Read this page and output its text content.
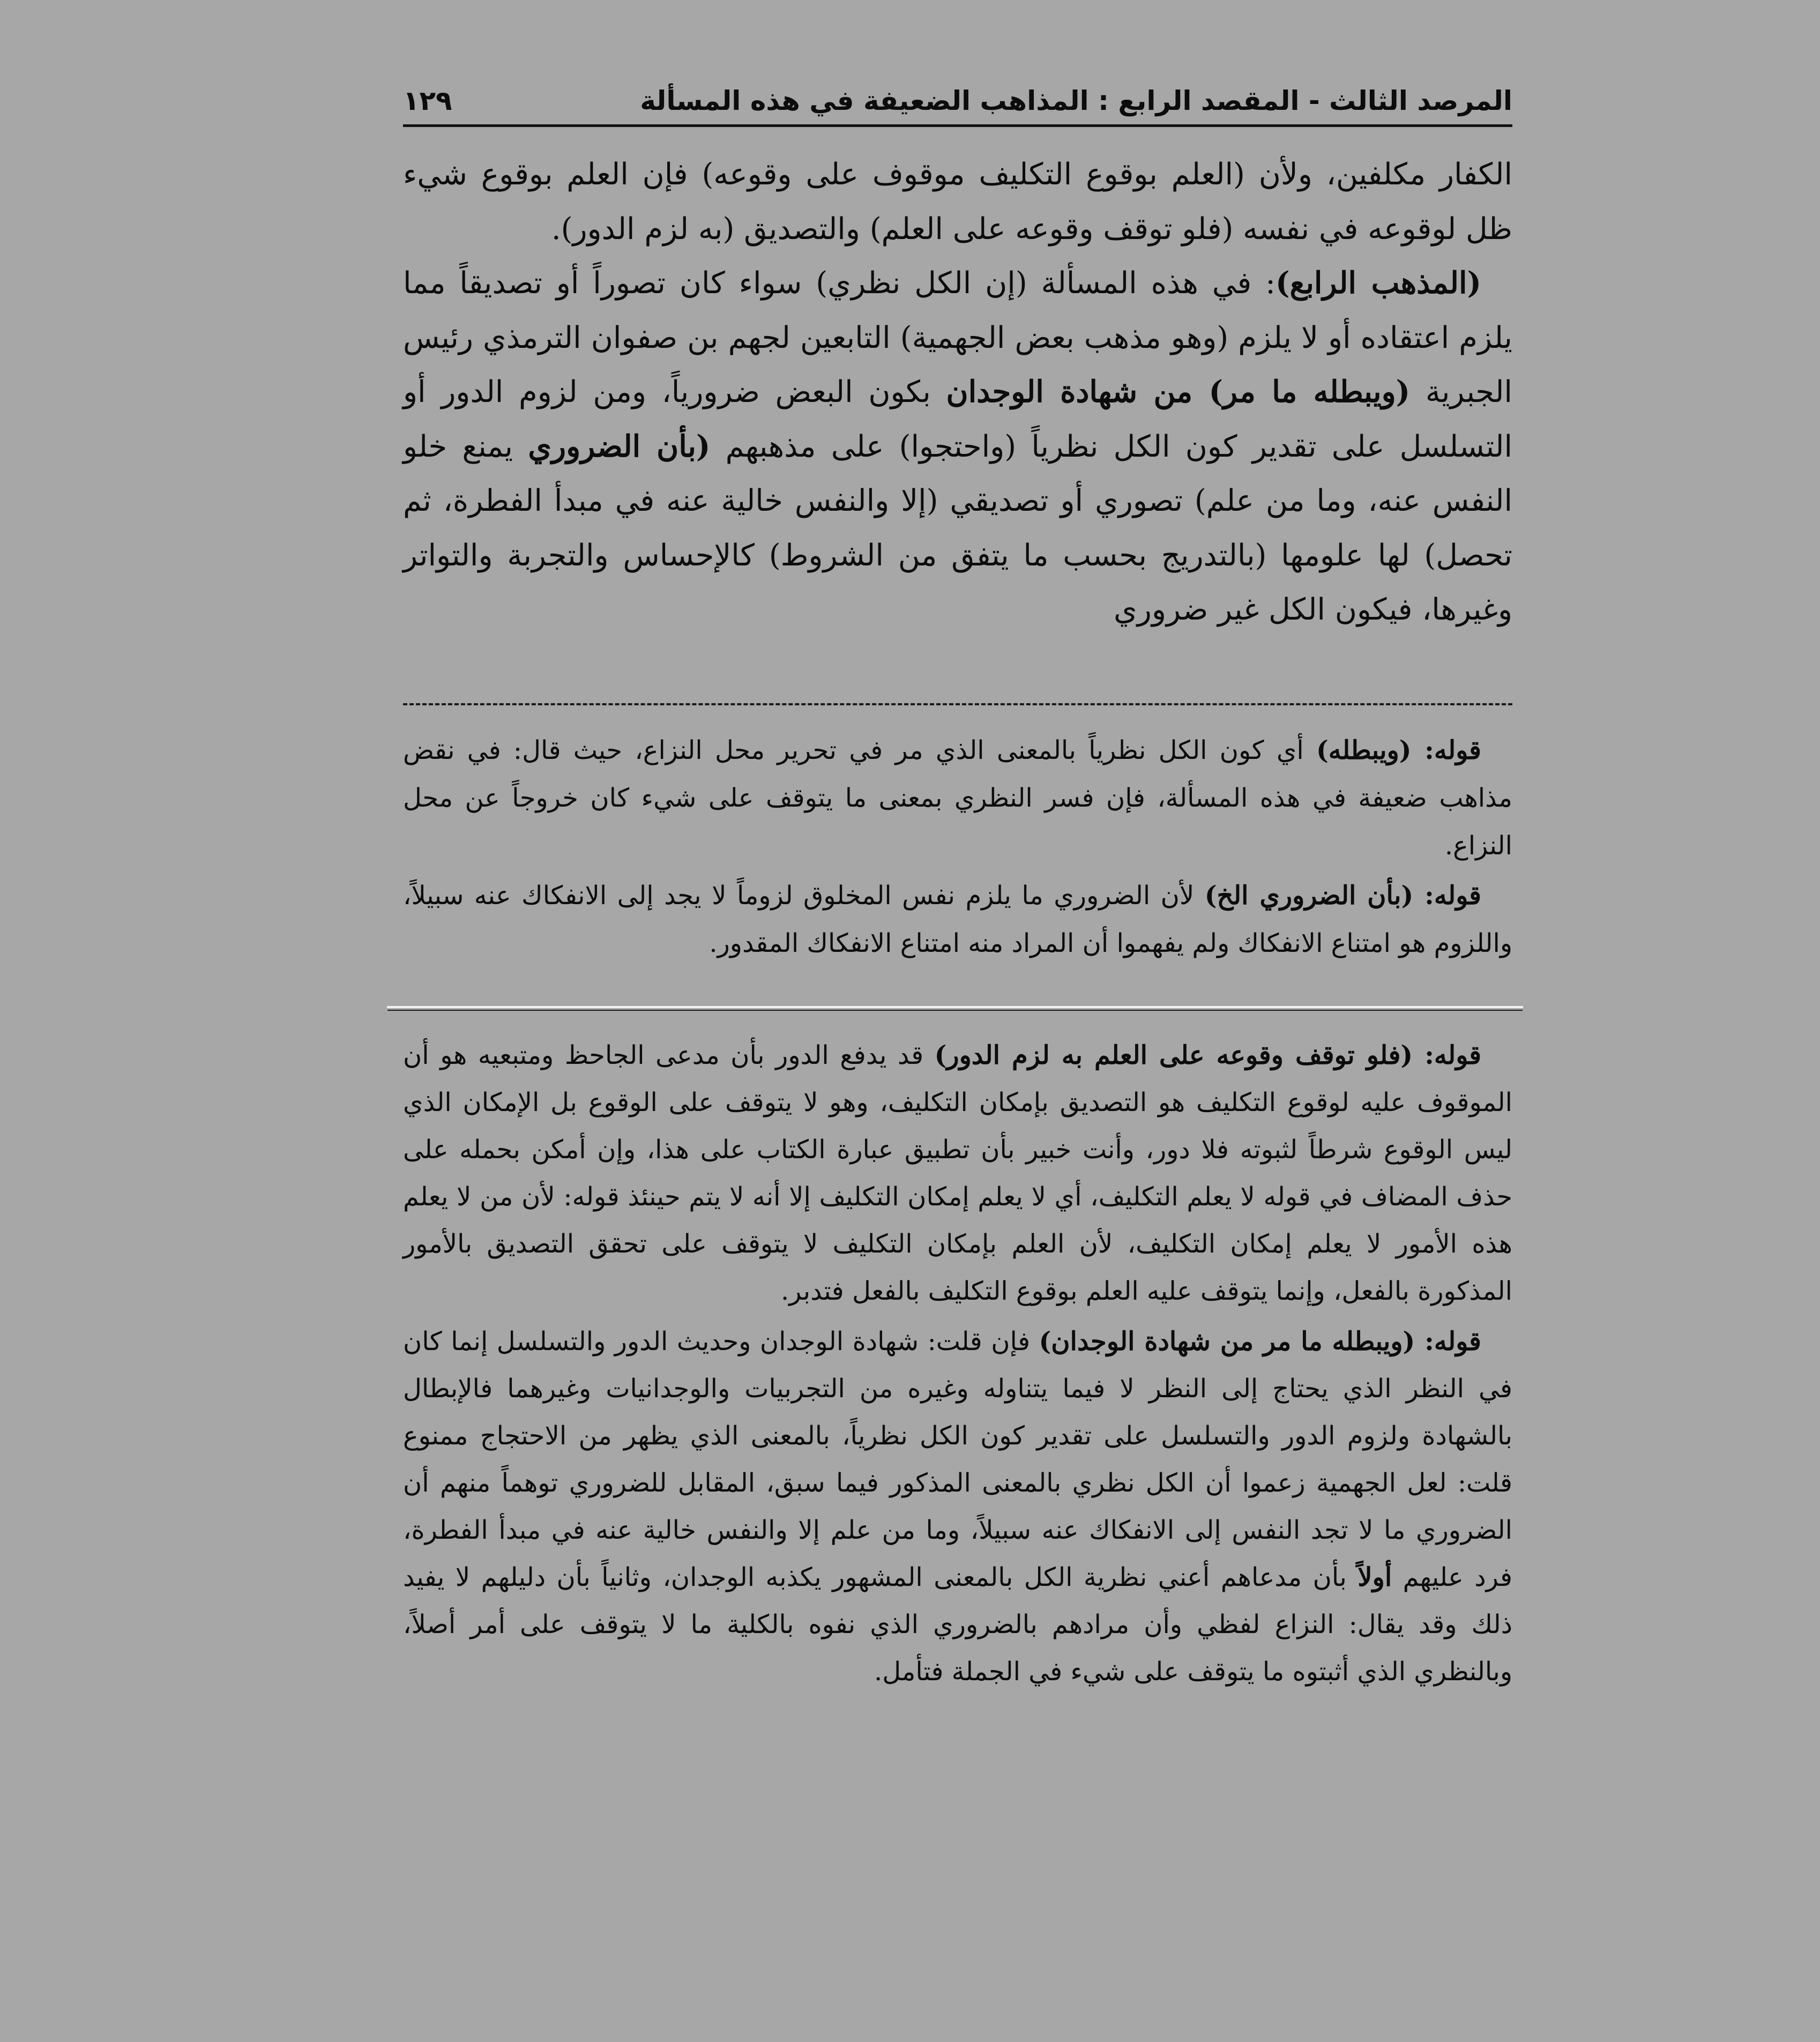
المرصد الثالث - المقصد الرابع : المذاهب الضعيفة في هذه المسألة
١٢٩

الكفار مكلفين، ولأن (العلم بوقوع التكليف موقوف على وقوعه) فإن العلم بوقوع شيء ظل لوقوعه في نفسه (فلو توقف وقوعه على العلم) والتصديق (به لزم الدور).

(المذهب الرابع): في هذه المسألة (إن الكل نظري) سواء كان تصوراً أو تصديقاً مما يلزم اعتقاده أو لا يلزم (وهو مذهب بعض الجهمية) التابعين لجهم بن صفوان الترمذي رئيس الجبرية (ويبطله ما مر) من شهادة الوجدان بكون البعض ضرورياً، ومن لزوم الدور أو التسلسل على تقدير كون الكل نظرياً (واحتجوا) على مذهبهم (بأن الضروري يمنع خلو النفس عنه، وما من علم) تصوري أو تصديقي (إلا والنفس خالية عنه في مبدأ الفطرة، ثم تحصل) لها علومها (بالتدريج بحسب ما يتفق من الشروط) كالإحساس والتجربة والتواتر وغيرها، فيكون الكل غير ضروري

قوله: (ويبطله) أي كون الكل نظرياً بالمعنى الذي مر في تحرير محل النزاع، حيث قال: في نقض مذاهب ضعيفة في هذه المسألة، فإن فسر النظري بمعنى ما يتوقف على شيء كان خروجاً عن محل النزاع.

قوله: (بأن الضروري الخ) لأن الضروري ما يلزم نفس المخلوق لزوماً لا يجد إلى الانفكاك عنه سبيلاً، واللزوم هو امتناع الانفكاك ولم يفهموا أن المراد منه امتناع الانفكاك المقدور.

قوله: (فلو توقف وقوعه على العلم به لزم الدور) قد يدفع الدور بأن مدعى الجاحظ ومتبعيه هو أن الموقوف عليه لوقوع التكليف هو التصديق بإمكان التكليف، وهو لا يتوقف على الوقوع بل الإمكان الذي ليس الوقوع شرطاً لثبوته فلا دور، وأنت خبير بأن تطبيق عبارة الكتاب على هذا، وإن أمكن بحمله على حذف المضاف في قوله لا يعلم التكليف، أي لا يعلم إمكان التكليف إلا أنه لا يتم حينئذ قوله: لأن من لا يعلم هذه الأمور لا يعلم إمكان التكليف، لأن العلم بإمكان التكليف لا يتوقف على تحقق التصديق بالأمور المذكورة بالفعل، وإنما يتوقف عليه العلم بوقوع التكليف بالفعل فتدبر.

قوله: (ويبطله ما مر من شهادة الوجدان) فإن قلت: شهادة الوجدان وحديث الدور والتسلسل إنما كان في النظر الذي يحتاج إلى النظر لا فيما يتناوله وغيره من التجربيات والوجدانيات وغيرهما فالإبطال بالشهادة ولزوم الدور والتسلسل على تقدير كون الكل نظرياً، بالمعنى الذي يظهر من الاحتجاج ممنوع قلت: لعل الجهمية زعموا أن الكل نظري بالمعنى المذكور فيما سبق، المقابل للضروري توهماً منهم أن الضروري ما لا تجد النفس إلى الانفكاك عنه سبيلاً، وما من علم إلا والنفس خالية عنه في مبدأ الفطرة، فرد عليهم أولاً بأن مدعاهم أعني نظرية الكل بالمعنى المشهور يكذبه الوجدان، وثانياً بأن دليلهم لا يفيد ذلك وقد يقال: النزاع لفظي وأن مرادهم بالضروري الذي نفوه بالكلية ما لا يتوقف على أمر أصلاً، وبالنظري الذي أثبتوه ما يتوقف على شيء في الجملة فتأمل.
